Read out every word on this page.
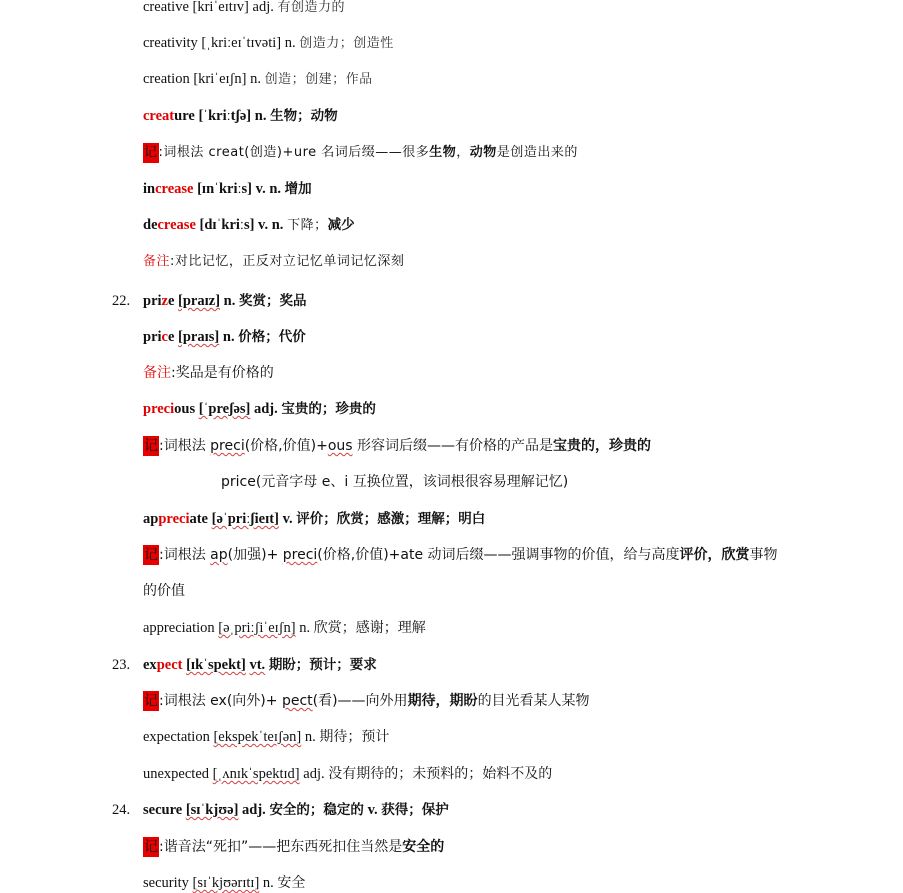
creative [kriˈeɪtɪv] adj. 有创造力的
creativity [ˌkriːeɪˈtɪvəti] n. 创造力；创造性
creation [kriˈeɪʃn] n. 创造；创建；作品
creature [ˈkriːtʃə] n. 生物；动物
记:词根法 creat(创造)+ure 名词后缀——很多生物，动物是创造出来的
increase [ɪnˈkriːs] v. n. 增加
decrease [dɪˈkriːs] v. n. 下降；减少
备注:对比记忆，正反对立记忆单词记忆深刻
22. prize [praɪz] n. 奖赏；奖品
price [praɪs] n. 价格；代价
备注:奖品是有价格的
precious [ˈpreʃəs] adj. 宝贵的；珍贵的
记:词根法 preci(价格,价值)+ous 形容词后缀——有价格的产品是宝贵的，珍贵的
price(元音字母 e、i 互换位置，该词根很容易理解记忆)
appreciate [əˈpriːʃieɪt] v. 评价；欣赏；感激；理解；明白
记:词根法 ap(加强)+ preci(价格,价值)+ate 动词后缀——强调事物的价值，给与高度评价，欣赏事物
的价值
appreciation [əˌpriːʃiˈeɪʃn] n. 欣赏；感谢；理解
23. expect [ɪkˈspekt] vt. 期盼；预计；要求
记:词根法 ex(向外)+ pect(看)——向外用期待，期盼的目光看某人某物
expectation [ekspekˈteɪʃən] n. 期待；预计
unexpected [ˌʌnɪkˈspektɪd] adj. 没有期待的；未预料的；始料不及的
24. secure [sɪˈkjʊə] adj. 安全的；稳定的 v. 获得；保护
记:谐音法“死扣”——把东西死扣住当然是安全的
security [sɪˈkjʊərɪtɪ] n. 安全
